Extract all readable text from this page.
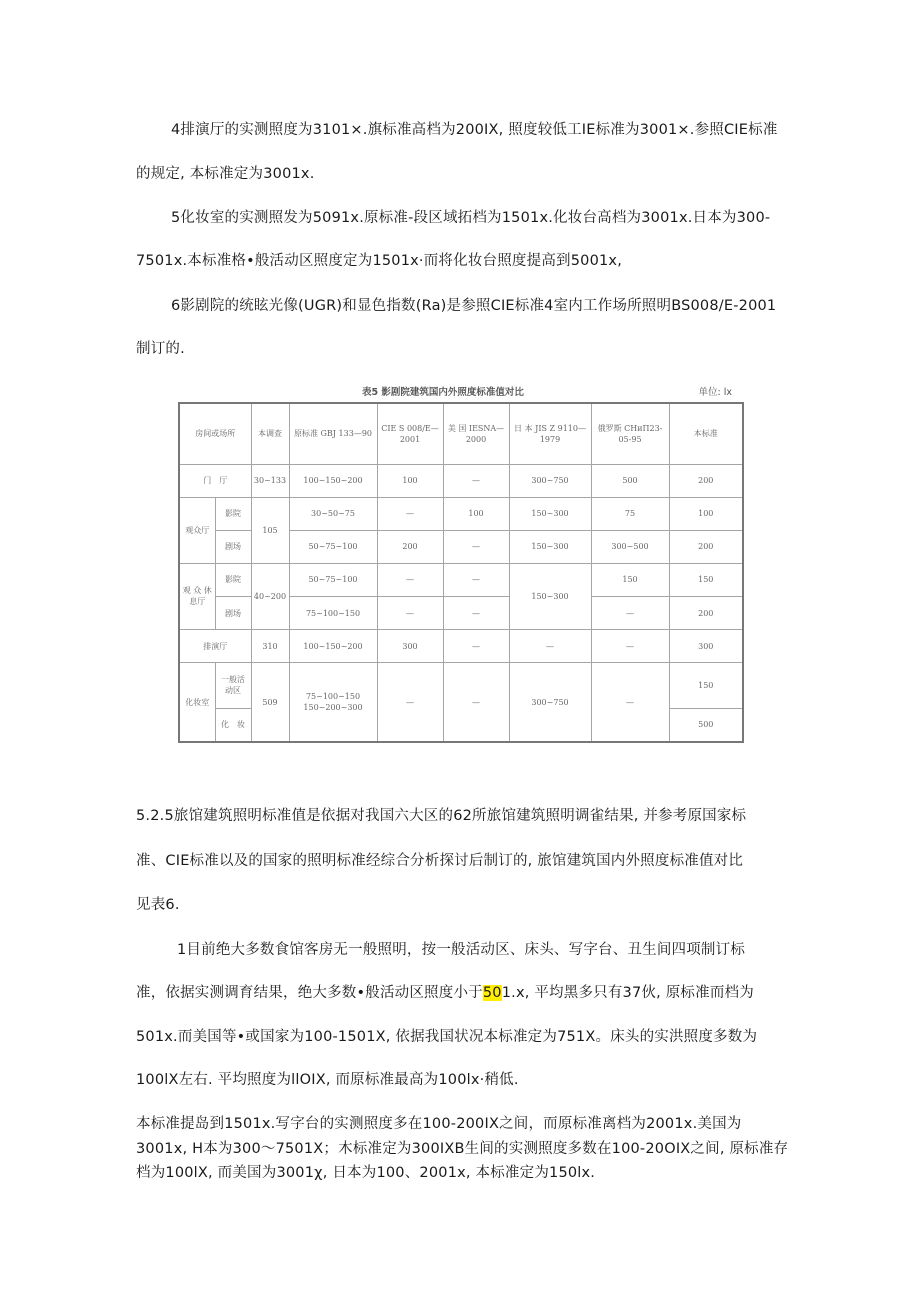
4排演厅的实测照度为3101×.旗标准高档为200IX, 照度较低工IE标准为3001×.参照CIE标准
的规定, 本标准定为3001x.
5化妆室的实测照发为5091x.原标准-段区域拓档为1501x.化妆台高档为3001x.日本为300-
7501x.本标准格•般活动区照度定为1501x·而将化妆台照度提高到5001x,
6影剧院的统眩光像(UGR)和显色指数(Ra)是参照CIE标准4室内工作场所照明BS008/E-2001
制订的.
表5 影剧院建筑国内外照度标准值对比	单位: lx
房间或场所		本调查	原标准 GBJ 133—90	CIE S 008/E—2001	美 国 IESNA—2000	日 本 JIS Z 9110—1979	俄罗斯 СНиП23-05-95	本标准
门　厅		30~133	100~150~200	100	—	300~750	500	200
观众厅	影院	105	30~50~75	—	100	150~300	75	100
	剧场		50~75~100	200	—	150~300	300~500	200
观 众 休息厅	影院	40~200	50~75~100	—	—	150~300	150	150
	剧场		75~100~150	—	—		—	200
排演厅		310	100~150~200	300	—	—	—	300
化妆室	一般活动区	509	75~100~150 150~200~300	—	—	300~750	—	150
	化　妆							500
5.2.5旅馆建筑照明标准值是依据对我国六大区的62所旅馆建筑照明调雀结果, 并参考原国家标
准、CIE标准以及的国家的照明标准经综合分析探讨后制订的, 旅馆建筑国内外照度标准值对比
见表6.
1目前绝大多数食馆客房无一般照明，按一般活动区、床头、写字台、丑生间四项制订标
准，依据实测调育结果，绝大多数•般活动区照度小于501.x, 平均黑多只有37伙, 原标准而档为
501x.而美国等•或国家为100-1501X, 依据我国状况本标准定为751X。床头的实洪照度多数为
100lX左右. 平均照度为llOIX, 而原标准最高为100lx·稍低.
本标准提岛到1501x.写字台的实测照度多在100-200IX之间，而原标准离档为2001x.美国为
3001x, H本为300～7501X；木标准定为300IXB生间的实测照度多数在100-20OIX之间, 原标准存
档为100lX, 而美国为3001χ, 日本为100、2001x, 本标准定为150lx.
